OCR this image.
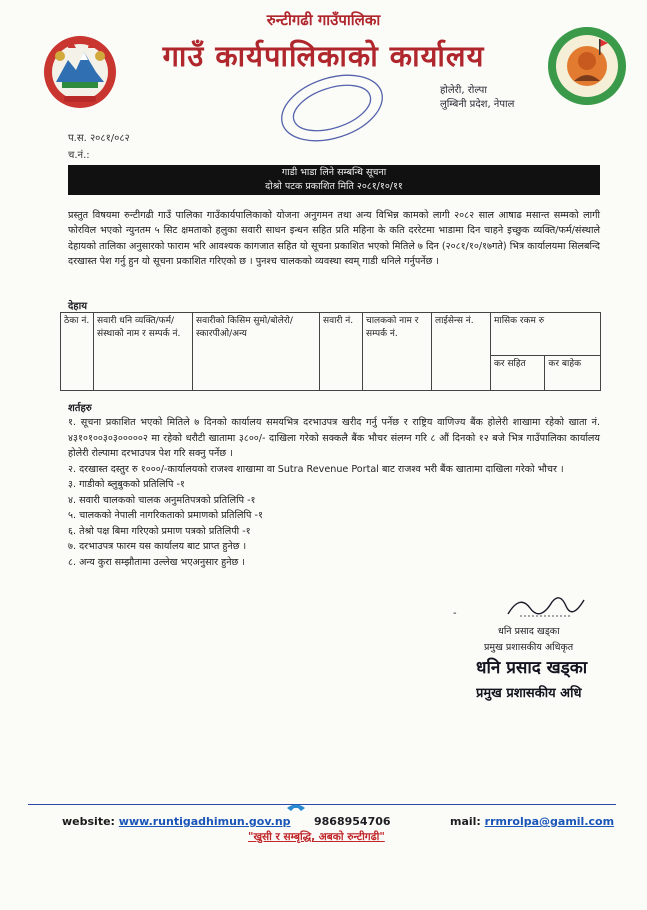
रुन्टीगढी गाउँपालिका
गाउँ कार्यपालिकाको कार्यालय
होलेरी, रोल्पा
लुम्बिनी प्रदेश, नेपाल
प.स. २०८१/०८२
च.नं.:
गाडी भाडा लिने सम्बन्धि सूचना
दोश्रो पटक प्रकाशित मिति २०८१/१०/११
प्रस्तुत विषयमा रुन्टीगढी गाउँ पालिका गाउँकार्यपालिकाको योजना अनुगमन तथा अन्य विभिन्न कामको लागी २०८२ साल आषाढ मसान्त सम्मको लागी फोरविल भएको न्युनतम ५ सिट क्षमताको हलुका सवारी साधन इन्धन सहित प्रति महिना के कति दररेटमा भाडामा दिन चाहने इच्छुक व्यक्ति/फर्म/संस्थाले देहायको तालिका अनुसारको फाराम भरि आवश्यक कागजात सहित यो सूचना प्रकाशित भएको मितिले ७ दिन (२०८१/१०/१७गते) भित्र कार्यालयमा सिलबन्दि दरखास्त पेश गर्नु हुन यो सूचना प्रकाशित गरिएको छ । पुनश्च चालकको व्यवस्था स्वम् गाडी धनिले गर्नुपर्नेछ ।
देहाय
ठेका नं.	सवारी धनि व्यक्ति/फर्म/संस्थाको नाम र सम्पर्क नं.	सवारीको किसिम सुमो/बोलेरो/स्कारपीओ/अन्य	सवारी नं.	चालकको नाम र सम्पर्क नं.	लाईसेन्स नं.	मासिक रकम रु	
						कर सहित	कर बाहेक
शर्तहरु

१. सूचना प्रकाशित भएको मितिले ७ दिनको कार्यालय समयभित्र दरभाउपत्र खरीद गर्नु पर्नेछ र राष्ट्रिय वाणिज्य बैंक होलेरी शाखामा रहेको खाता नं. ४३१०१००३०३०००००२ मा रहेको धरौटी खातामा ३८००/- दाखिला गरेको सक्कलै बैंक भौचर संलग्न गरि ८ औं दिनको १२ बजे भित्र गाउँपालिका कार्यालय होलेरी रोल्पामा दरभाउपत्र पेश गरि सक्नु पर्नेछ ।

२. दरखास्त दस्तुर रु १०००/-कार्यालयको राजश्व शाखामा वा Sutra Revenue Portal बाट राजश्व भरी बैंक खातामा दाखिला गरेको भौचर ।

३. गाडीको ब्लुबुकको प्रतिलिपि -१

४. सवारी चालकको चालक अनुमतिपत्रको प्रतिलिपि -१

५. चालकको नेपाली नागरिकताको प्रमाणको प्रतिलिपि -१

६. तेश्रो पक्ष बिमा गरिएको प्रमाण पत्रको प्रतिलिपी -१

७. दरभाउपत्र फारम यस कार्यालय बाट प्राप्त हुनेछ ।

८. अन्य कुरा सम्झौतामा उल्लेख भएअनुसार हुनेछ ।

-
धनि प्रसाद खड्का
प्रमुख प्रशासकीय अधिकृत
धनि प्रसाद खड्का
प्रमुख प्रशासकीय अधि
website: www.runtigadhimun.gov.np 9868954706	mail: rrmrolpa@gamil.com
"खुसी र सम्बृद्धि, अबको रुन्टीगढी"
